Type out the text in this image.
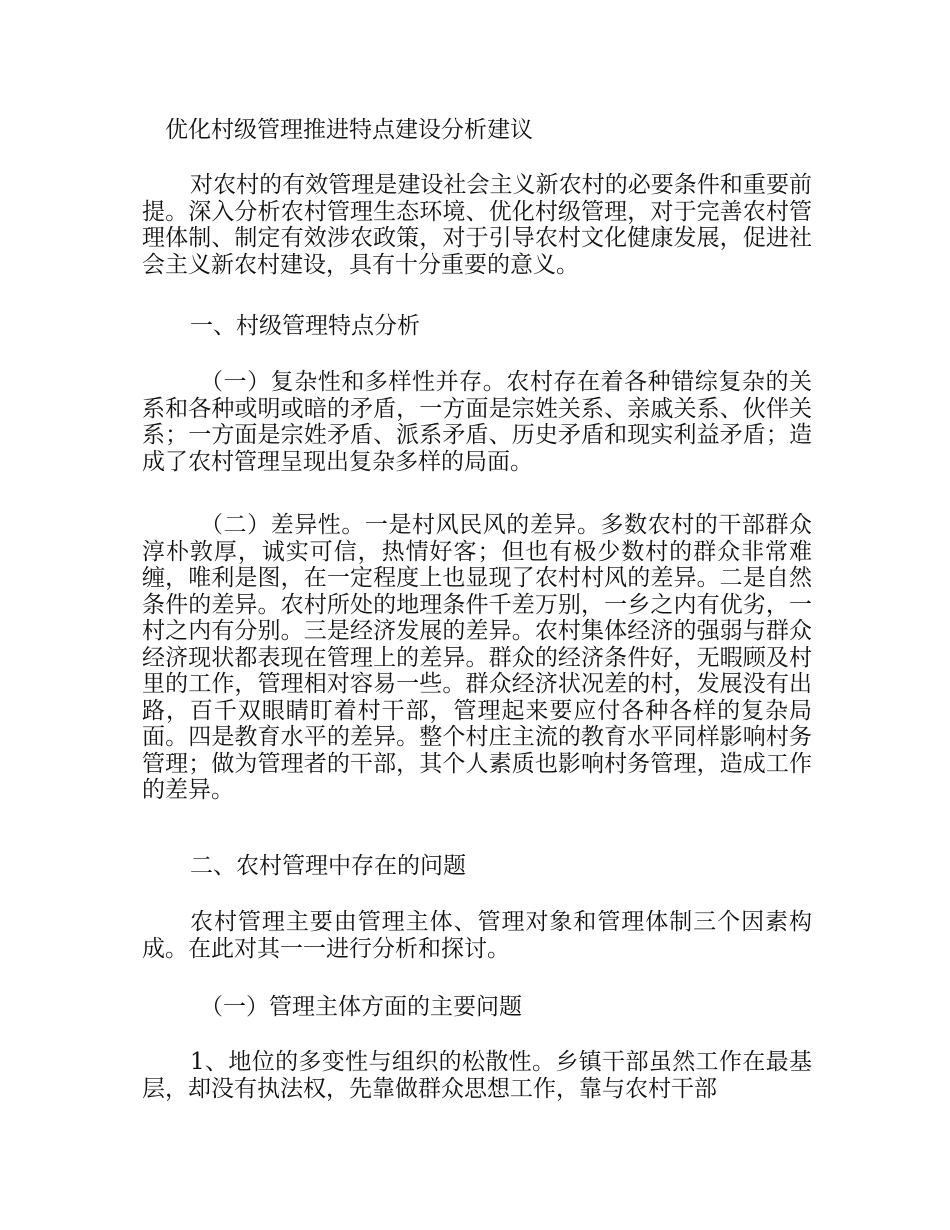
优化村级管理推进特点建设分析建议

对农村的有效管理是建设社会主义新农村的必要条件和重要前提。深入分析农村管理生态环境、优化村级管理，对于完善农村管理体制、制定有效涉农政策，对于引导农村文化健康发展，促进社会主义新农村建设，具有十分重要的意义。

一、村级管理特点分析

（一）复杂性和多样性并存。农村存在着各种错综复杂的关系和各种或明或暗的矛盾，一方面是宗姓关系、亲戚关系、伙伴关系；一方面是宗姓矛盾、派系矛盾、历史矛盾和现实利益矛盾；造成了农村管理呈现出复杂多样的局面。

（二）差异性。一是村风民风的差异。多数农村的干部群众淳朴敦厚，诚实可信，热情好客；但也有极少数村的群众非常难缠，唯利是图，在一定程度上也显现了农村村风的差异。二是自然条件的差异。农村所处的地理条件千差万别，一乡之内有优劣，一村之内有分别。三是经济发展的差异。农村集体经济的强弱与群众经济现状都表现在管理上的差异。群众的经济条件好，无暇顾及村里的工作，管理相对容易一些。群众经济状况差的村，发展没有出路，百千双眼睛盯着村干部，管理起来要应付各种各样的复杂局面。四是教育水平的差异。整个村庄主流的教育水平同样影响村务管理；做为管理者的干部，其个人素质也影响村务管理，造成工作的差异。

二、农村管理中存在的问题

农村管理主要由管理主体、管理对象和管理体制三个因素构成。在此对其一一进行分析和探讨。

（一）管理主体方面的主要问题

1、地位的多变性与组织的松散性。乡镇干部虽然工作在最基层，却没有执法权，先靠做群众思想工作，靠与农村干部
